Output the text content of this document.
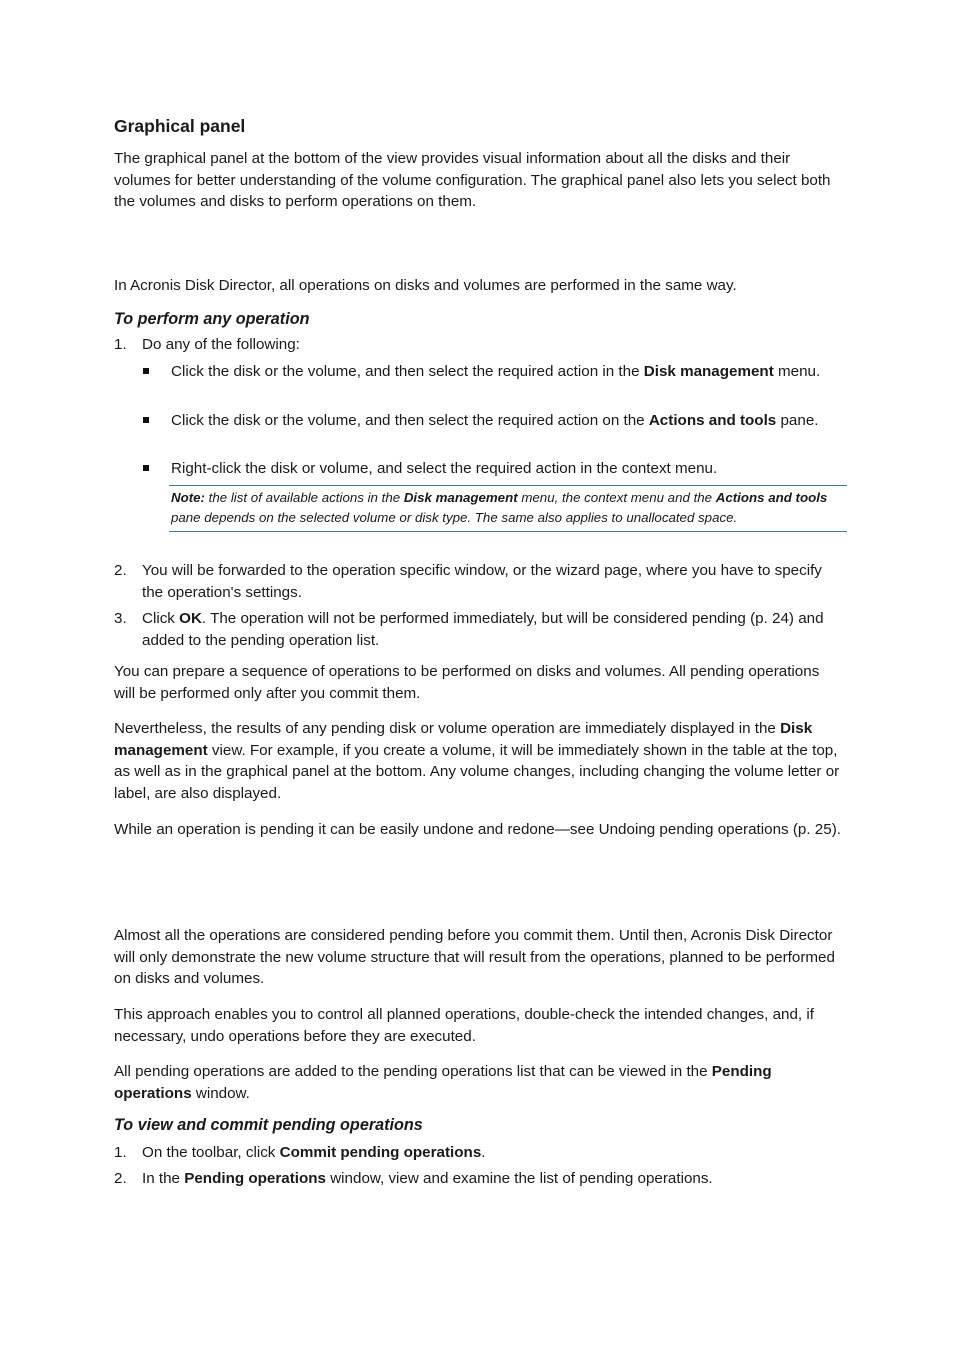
Graphical panel

The graphical panel at the bottom of the view provides visual information about all the disks and their volumes for better understanding of the volume configuration. The graphical panel also lets you select both the volumes and disks to perform operations on them.

In Acronis Disk Director, all operations on disks and volumes are performed in the same way.

To perform any operation
1. Do any of the following:
Click the disk or the volume, and then select the required action in the Disk management menu.
Click the disk or the volume, and then select the required action on the Actions and tools pane.
Right-click the disk or volume, and select the required action in the context menu.
Note: the list of available actions in the Disk management menu, the context menu and the Actions and tools pane depends on the selected volume or disk type. The same also applies to unallocated space.
2. You will be forwarded to the operation specific window, or the wizard page, where you have to specify the operation's settings.
3. Click OK. The operation will not be performed immediately, but will be considered pending (p. 24) and added to the pending operation list.

You can prepare a sequence of operations to be performed on disks and volumes. All pending operations will be performed only after you commit them.

Nevertheless, the results of any pending disk or volume operation are immediately displayed in the Disk management view. For example, if you create a volume, it will be immediately shown in the table at the top, as well as in the graphical panel at the bottom. Any volume changes, including changing the volume letter or label, are also displayed.

While an operation is pending it can be easily undone and redone—see Undoing pending operations (p. 25).

Almost all the operations are considered pending before you commit them. Until then, Acronis Disk Director will only demonstrate the new volume structure that will result from the operations, planned to be performed on disks and volumes.

This approach enables you to control all planned operations, double-check the intended changes, and, if necessary, undo operations before they are executed.

All pending operations are added to the pending operations list that can be viewed in the Pending operations window.

To view and commit pending operations
1. On the toolbar, click Commit pending operations.
2. In the Pending operations window, view and examine the list of pending operations.
